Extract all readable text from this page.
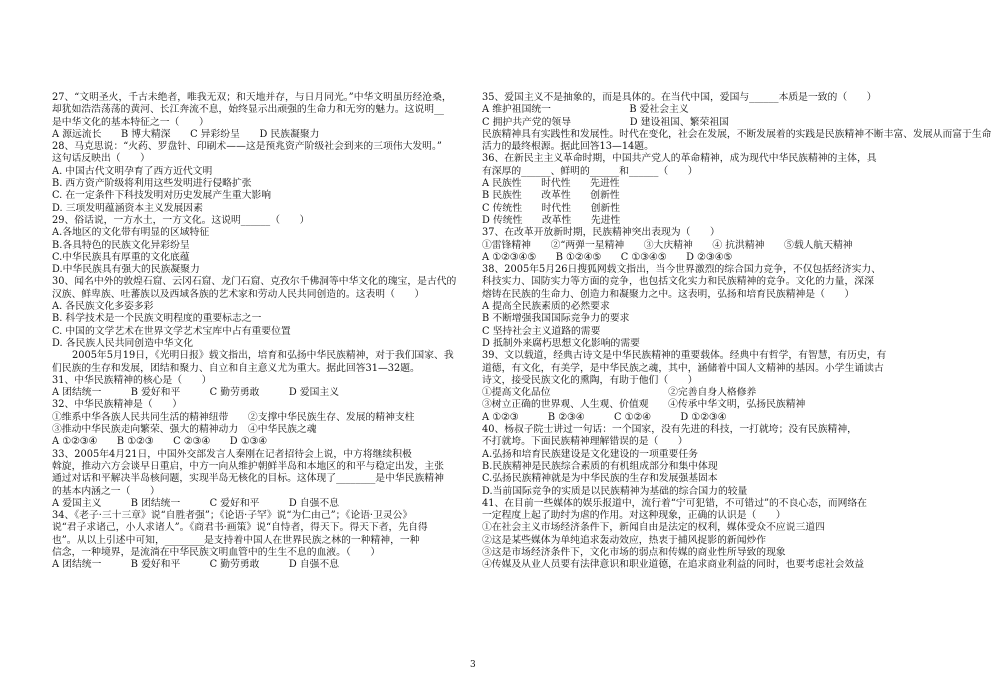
27、“文明圣火，千古未绝者，唯我无双；和天地并存，与日月同光。”中华文明虽历经沧桑，
却犹如浩浩荡荡的黄河、长江奔流不息，始终显示出顽强的生命力和无穷的魅力。这说明__
是中华文化的基本特征之一（　　）
A 源远流长　　B 博大精深　　C 异彩纷呈　　D 民族凝聚力
28、马克思说：“火药、罗盘针、印刷术——这是预兆资产阶级社会到来的三项伟大发明。”
这句话反映出（　　）
A. 中国古代文明孕育了西方近代文明
B. 西方资产阶级将利用这些发明进行侵略扩张
C. 在一定条件下科技发明对历史发展产生重大影响
D. 三项发明蕴涵资本主义发展因素
29、俗话说，一方水土，一方文化。这说明______（　　）
A.各地区的文化带有明显的区域特征
B.各具特色的民族文化异彩纷呈
C.中华民族具有厚重的文化底蕴
D.中华民族具有强大的民族凝聚力
30、闻名中外的敦煌石窟、云冈石窟、龙门石窟、克孜尔千佛洞等中华文化的瑰宝，是古代的
汉族、鲜卑族、吐蕃族以及西域各族的艺术家和劳动人民共同创造的。这表明（　　）
A. 各民族文化多姿多彩
B. 科学技术是一个民族文明程度的重要标志之一
C. 中国的文学艺术在世界文学艺术宝库中占有重要位置
D. 各民族人民共同创造中华文化
2005年5月19日，《光明日报》载文指出，培育和弘扬中华民族精神，对于我们国家、我
们民族的生存和发展，团结和聚力、自立和自主意义尤为重大。据此回答31—32题。
31、中华民族精神的核心是（　　）
A 团结统一　　　B 爱好和平　　　C 勤劳勇敢　　　D 爱国主义
32、中华民族精神是（　　）
①维系中华各族人民共同生活的精神纽带　　②支撑中华民族生存、发展的精神支柱
③推动中华民族走向繁荣、强大的精神动力　④中华民族之魂
A ①②③④　　B ①②③　　C ②③④　　D ①③④
33、2005年4月21日，中国外交部发言人秦刚在记者招待会上说，中方将继续积极
斡旋，推动六方会谈早日重启，中方一向从维护朝鲜半岛和本地区的和平与稳定出发，主张
通过对话和平解决半岛核问题，实现半岛无核化的目标。这体现了________是中华民族精神
的基本内涵之一（　　）
A 爱国主义　　　B 团结统一　　　C 爱好和平　　　D 自强不息
34、《老子·三十三章》说“自胜者强”；《论语·子罕》说“为仁由己”；《论语·卫灵公》
说“君子求诸己，小人求诸人”。《商君书·画策》说“自恃者，得天下。得天下者，先自得
也”。从以上引述中可知，________是支持着中国人在世界民族之林的一种精神，一种
信念，一种境界，是流淌在中华民族文明血管中的生生不息的血液。（　　）
A 团结统一　　　B 爱好和平　　　C 勤劳勇敢　　　D 自强不息
35、爱国主义不是抽象的，而是具体的。在当代中国，爱国与______本质是一致的（　　）
A 维护祖国统一　　　　　　　　B 爱社会主义
C 拥护共产党的领导　　　　　　D 建设祖国、繁荣祖国
民族精神具有实践性和发展性。时代在变化，社会在发展，不断发展着的实践是民族精神不断丰富、发展从而富于生命
活力的最终根源。据此回答13—14题。
36、在新民主主义革命时期，中国共产党人的革命精神，成为现代中华民族精神的主体，具
有深厚的______、鲜明的______和______（　　）
A 民族性　　时代性　　先进性
B 民族性　　改革性　　创新性
C 传统性　　时代性　　创新性
D 传统性　　改革性　　先进性
37、在改革开放新时期，民族精神突出表现为（　　）
①雷锋精神　　②“两弹一星精神　　③大庆精神　　④ 抗洪精神　　⑤载人航天精神
A ①②③④⑤　　B ①②④⑤　　C ①③④⑤　　D ②③④⑤
38、2005年5月26日搜狐网载文指出，当今世界激烈的综合国力竞争，不仅包括经济实力、
科技实力、国防实力等方面的竞争，也包括文化实力和民族精神的竞争。文化的力量，深深
熔铸在民族的生命力、创造力和凝聚力之中。这表明，弘扬和培育民族精神是（　　）
A 提高全民族素质的必然要求
B 不断增强我国国际竞争力的要求
C 坚持社会主义道路的需要
D 抵制外来腐朽思想文化影响的需要
39、文以载道，经典古诗文是中华民族精神的重要载体。经典中有哲学，有智慧，有历史，有
道德，有文化，有美学，是中华民族之魂，其中，涵储着中国人文精神的基因。小学生诵读古
诗文，接受民族文化的熏陶，有助于他们（　　）
①提高文化品位　　　　　　　　　　　　②完善自身人格修养
③树立正确的世界观、人生观、价值观　　④传承中华文明，弘扬民族精神
A ①②③　　　B ②③④　　　C ①②④　　　D ①②③④
40、杨叔子院士讲过一句话：一个国家，没有先进的科技，一打就垮；没有民族精神，
不打就垮。下面民族精神理解错误的是（　　）
A.弘扬和培育民族建设是文化建设的一项重要任务
B.民族精神是民族综合素质的有机组成部分和集中体现
C.弘扬民族精神就是为中华民族的生存和发展强基固本
D.当前国际竞争的实质是以民族精神为基础的综合国力的较量
41、在目前一些媒体的娱乐报道中，流行着“宁可犯错，不可错过”的不良心态，而网络在
一定程度上起了助纣为虐的作用。对这种现象，正确的认识是（　　）
①在社会主义市场经济条件下，新闻自由是法定的权利，媒体受众不应说三道四
②这是某些媒体为单纯追求轰动效应，热衷于捕风捉影的新闻炒作
③这是市场经济条件下，文化市场的弱点和传媒的商业性所导致的现象
④传媒及从业人员要有法律意识和职业道德，在追求商业利益的同时，也要考虑社会效益
3
